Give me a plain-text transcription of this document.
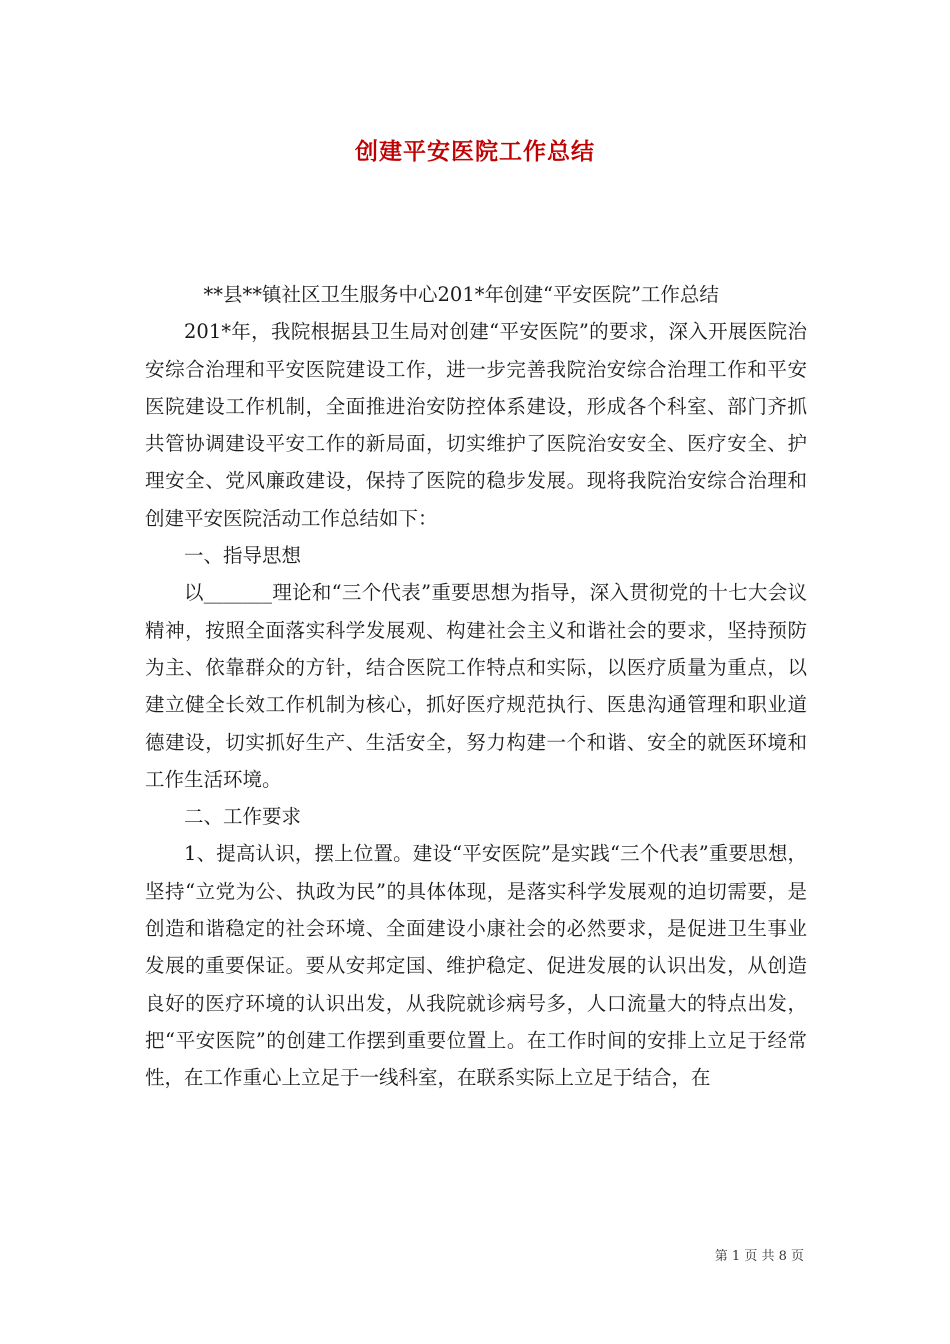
创建平安医院工作总结

**县**镇社区卫生服务中心201*年创建“平安医院”工作总结

201*年，我院根据县卫生局对创建“平安医院”的要求，深入开展医院治安综合治理和平安医院建设工作，进一步完善我院治安综合治理工作和平安医院建设工作机制，全面推进治安防控体系建设，形成各个科室、部门齐抓共管协调建设平安工作的新局面，切实维护了医院治安安全、医疗安全、护理安全、党风廉政建设，保持了医院的稳步发展。现将我院治安综合治理和创建平安医院活动工作总结如下：

一、指导思想

以_______理论和“三个代表”重要思想为指导，深入贯彻党的十七大会议精神，按照全面落实科学发展观、构建社会主义和谐社会的要求，坚持预防为主、依靠群众的方针，结合医院工作特点和实际，以医疗质量为重点，以建立健全长效工作机制为核心，抓好医疗规范执行、医患沟通管理和职业道德建设，切实抓好生产、生活安全，努力构建一个和谐、安全的就医环境和工作生活环境。

二、工作要求

1、提高认识，摆上位置。建设“平安医院”是实践“三个代表”重要思想，坚持“立党为公、执政为民”的具体体现，是落实科学发展观的迫切需要，是创造和谐稳定的社会环境、全面建设小康社会的必然要求，是促进卫生事业发展的重要保证。要从安邦定国、维护稳定、促进发展的认识出发，从创造良好的医疗环境的认识出发，从我院就诊病号多，人口流量大的特点出发，把“平安医院”的创建工作摆到重要位置上。在工作时间的安排上立足于经常性，在工作重心上立足于一线科室，在联系实际上立足于结合，在

第 1 页 共 8 页
